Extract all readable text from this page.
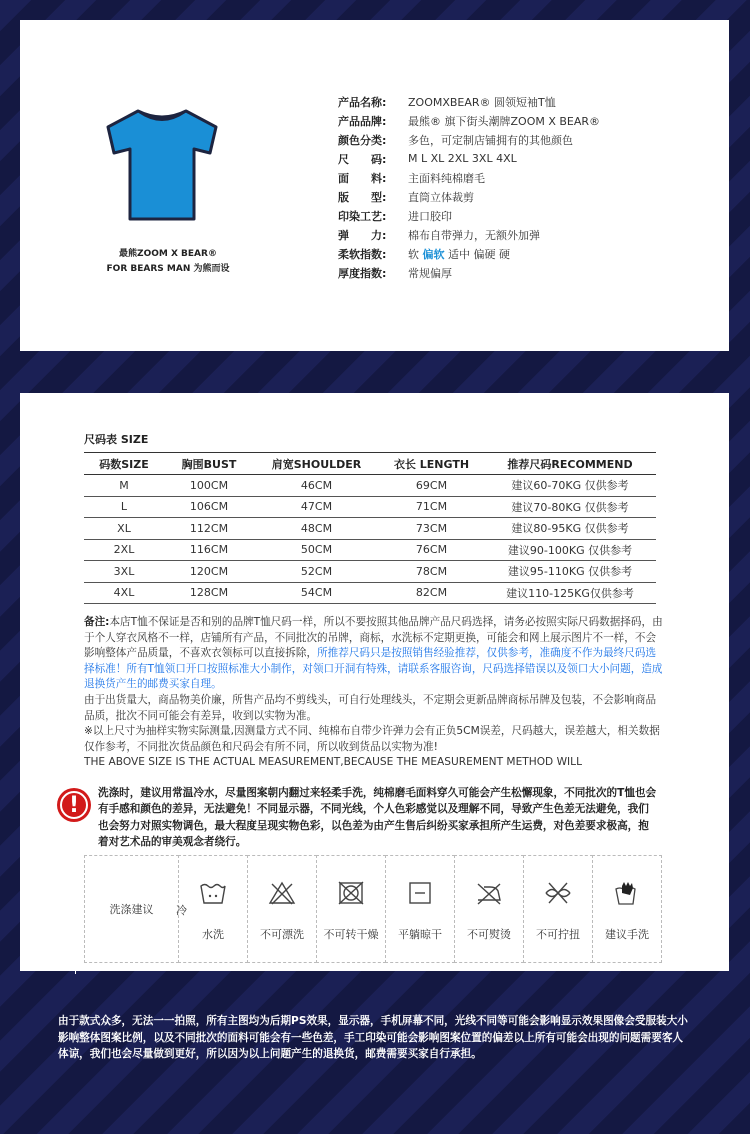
最熊ZOOM X BEAR®
FOR BEARS MAN 为熊而设
产品名称:	ZOOMXBEAR® 圆领短袖T恤
产品品牌:	最熊® 旗下街头潮牌ZOOM X BEAR®
颜色分类:	多色，可定制店铺拥有的其他颜色
尺　　码:	M L XL 2XL 3XL 4XL
面　　料:	主面料纯棉磨毛
版　　型:	直筒立体裁剪
印染工艺:	进口胶印
弹　　力:	棉布自带弹力，无额外加弹
柔软指数:	软 偏软 适中 偏硬 硬
厚度指数:	常规偏厚
尺码表 SIZE
码数SIZE	胸围BUST	肩宽SHOULDER	衣长 LENGTH	推荐尺码RECOMMEND
M	100CM	46CM	69CM	建议60-70KG 仅供参考
L	106CM	47CM	71CM	建议70-80KG 仅供参考
XL	112CM	48CM	73CM	建议80-95KG 仅供参考
2XL	116CM	50CM	76CM	建议90-100KG 仅供参考
3XL	120CM	52CM	78CM	建议95-110KG 仅供参考
4XL	128CM	54CM	82CM	建议110-125KG仅供参考

备注:本店T恤不保证是否和别的品牌T恤尺码一样，所以不要按照其他品牌产品尺码选择，请务必按照实际尺码数据择码，由于个人穿衣风格不一样，店铺所有产品，不同批次的吊牌，商标，水洗标不定期更换，可能会和网上展示图片不一样，不会影响整体产品质量，不喜欢衣领标可以直接拆除，所推荐尺码只是按照销售经验推荐，仅供参考，准确度不作为最终尺码选择标准！所有T恤领口开口按照标准大小制作，对领口开洞有特殊，请联系客服咨询，尺码选择错误以及领口大小问题，造成退换货产生的邮费买家自理。

由于出货量大，商品物美价廉，所售产品均不剪线头，可自行处理线头，不定期会更新品牌商标吊牌及包装，不会影响商品品质，批次不同可能会有差异，收到以实物为准。

※以上尺寸为抽样实物实际测量,因测量方式不同、纯棉布自带少许弹力会有正负5CM误差，尺码越大，误差越大，相关数据仅作参考，不同批次货品颜色和尺码会有所不同，所以收到货品以实物为准!

THE ABOVE SIZE IS THE ACTUAL MEASUREMENT,BECAUSE THE MEASUREMENT METHOD WILL

! 洗涤时，建议用常温冷水，尽量图案朝内翻过来轻柔手洗，纯棉磨毛面料穿久可能会产生松懈现象，不同批次的T恤也会有手感和颜色的差异，无法避免！不同显示器，不同光线，个人色彩感觉以及理解不同，导致产生色差无法避免，我们也会努力对照实物调色，最大程度呈现实物色彩，以色差为由产生售后纠纷买家承担所产生运费，对色差要求极高，抱着对艺术品的审美观念者绕行。
洗涤建议	冷
水洗	不可漂洗	不可转干燥	平躺晾干	不可熨烫	不可拧扭	建议手洗
由于款式众多，无法一一拍照，所有主图均为后期PS效果，显示器，手机屏幕不同，光线不同等可能会影响显示效果图像会受服装大小影响整体图案比例，以及不同批次的面料可能会有一些色差，手工印染可能会影响图案位置的偏差以上所有可能会出现的问题需要客人体谅，我们也会尽量做到更好，所以因为以上问题产生的退换货，邮费需要买家自行承担。
